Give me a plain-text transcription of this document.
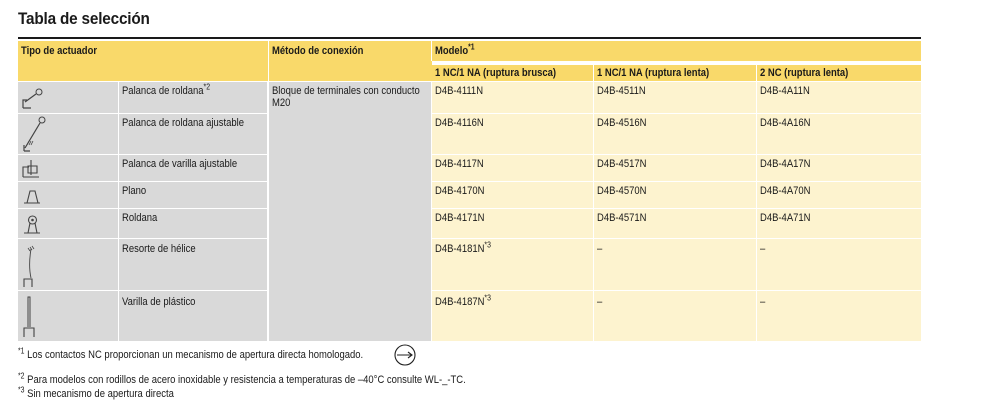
Tabla de selección
Tipo de actuador	Método de conexión	Modelo$^{*1}$
1 NC/1 NA (ruptura brusca)	1 NC/1 NA (ruptura lenta)	2 NC (ruptura lenta)
Bloque de terminales con conducto M20
Palanca de roldana$^{*2}$	D4B-4111N	D4B-4511N	D4B-4A11N
Palanca de roldana ajustable	D4B-4116N	D4B-4516N	D4B-4A16N
Palanca de varilla ajustable	D4B-4117N	D4B-4517N	D4B-4A17N
Plano	D4B-4170N	D4B-4570N	D4B-4A70N
Roldana	D4B-4171N	D4B-4571N	D4B-4A71N
Resorte de hélice	$D4B-4181N^{*3}$	–	–
Varilla de plástico	$D4B-4187N^{*3}$	–	–
$^{*1}$ Los contactos NC proporcionan un mecanismo de apertura directa homologado.
$^{*2}$ Para modelos con rodillos de acero inoxidable y resistencia a temperaturas de –40°C consulte WL-_-TC.
$^{*3}$ Sin mecanismo de apertura directa
